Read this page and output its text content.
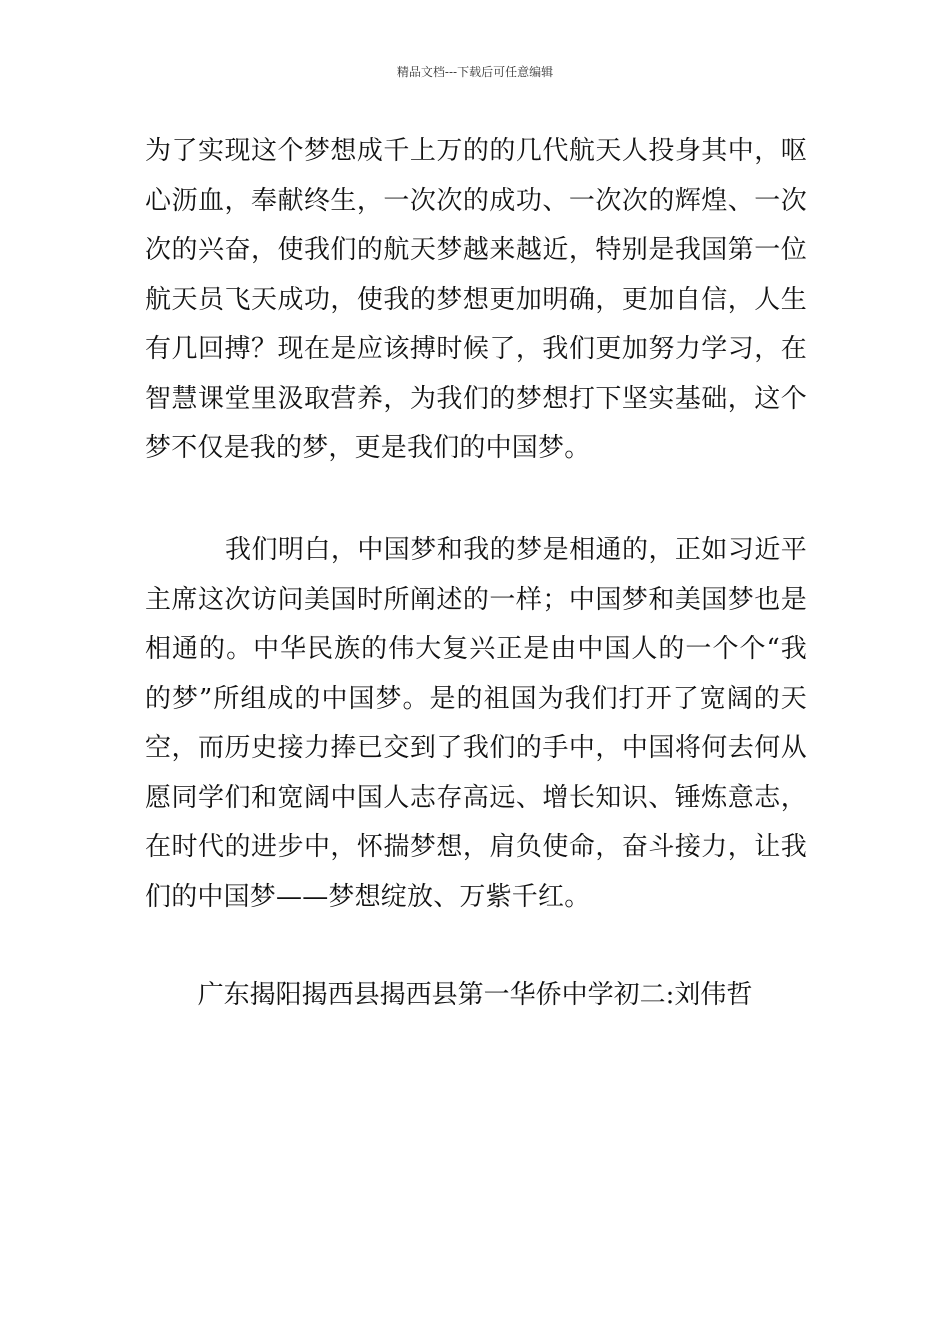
精品文档---下载后可任意编辑

为了实现这个梦想成千上万的的几代航天人投身其中，呕心沥血，奉献终生，一次次的成功、一次次的辉煌、一次次的兴奋，使我们的航天梦越来越近，特别是我国第一位航天员飞天成功，使我的梦想更加明确，更加自信，人生有几回搏？现在是应该搏时候了，我们更加努力学习，在智慧课堂里汲取营养，为我们的梦想打下坚实基础，这个梦不仅是我的梦，更是我们的中国梦。

我们明白，中国梦和我的梦是相通的，正如习近平主席这次访问美国时所阐述的一样；中国梦和美国梦也是相通的。中华民族的伟大复兴正是由中国人的一个个“我的梦”所组成的中国梦。是的祖国为我们打开了宽阔的天空，而历史接力捧已交到了我们的手中，中国将何去何从愿同学们和宽阔中国人志存高远、增长知识、锤炼意志，在时代的进步中，怀揣梦想，肩负使命，奋斗接力，让我们的中国梦——梦想绽放、万紫千红。

广东揭阳揭西县揭西县第一华侨中学初二:刘伟哲
